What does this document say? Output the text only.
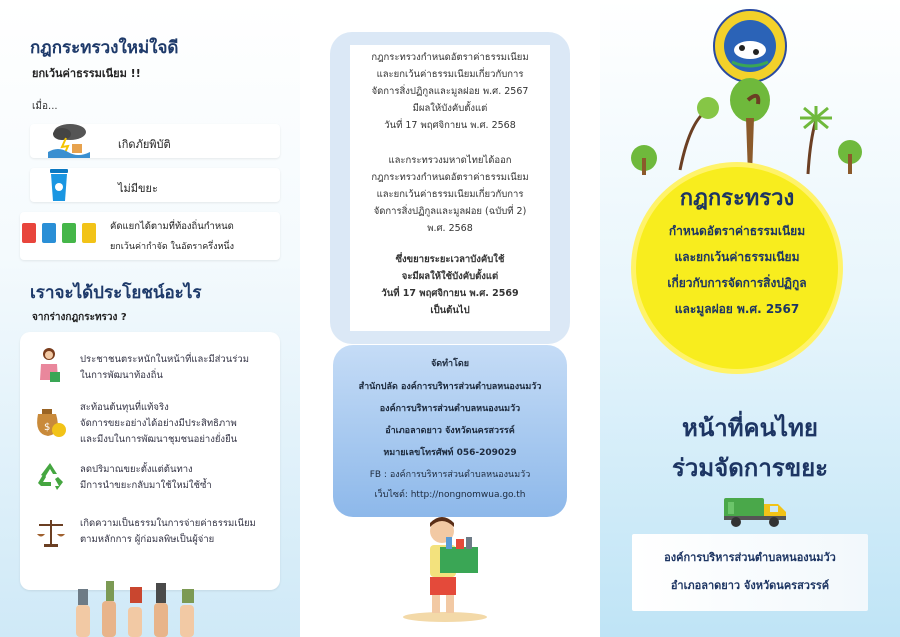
กฎกระทรวงใหม่ใจดี
ยกเว้นค่าธรรมเนียม !!
เมื่อ...
เกิดภัยพิบัติ
ไม่มีขยะ
คัดแยกได้ตามที่ท้องถิ่นกำหนด
ยกเว้นค่ากำจัด ในอัตราครึ่งหนึ่ง
เราจะได้ประโยชน์อะไร
จากร่างกฎกระทรวง ?
ประชาชนตระหนักในหน้าที่และมีส่วนร่วม
ในการพัฒนาท้องถิ่น
$
สะท้อนต้นทุนที่แท้จริง
จัดการขยะอย่างได้อย่างมีประสิทธิภาพ
และมีงบในการพัฒนาชุมชนอย่างยั่งยืน
ลดปริมาณขยะตั้งแต่ต้นทาง
มีการนำขยะกลับมาใช้ใหม่ใช้ซ้ำ
เกิดความเป็นธรรมในการจ่ายค่าธรรมเนียม
ตามหลักการ ผู้ก่อมลพิษเป็นผู้จ่าย
กฎกระทรวงกำหนดอัตราค่าธรรมเนียม
และยกเว้นค่าธรรมเนียมเกี่ยวกับการ
จัดการสิ่งปฏิกูลและมูลฝอย พ.ศ. 2567
มีผลให้บังคับตั้งแต่
วันที่ 17 พฤศจิกายน พ.ศ. 2568
และกระทรวงมหาดไทยได้ออก
กฎกระทรวงกำหนดอัตราค่าธรรมเนียม
และยกเว้นค่าธรรมเนียมเกี่ยวกับการ
จัดการสิ่งปฏิกูลและมูลฝอย (ฉบับที่ 2)
พ.ศ. 2568
ซึ่งขยายระยะเวลาบังคับใช้
จะมีผลให้ใช้บังคับตั้งแต่
วันที่ 17 พฤศจิกายน พ.ศ. 2569
เป็นต้นไป
จัดทำโดย
สำนักปลัด องค์การบริหารส่วนตำบลหนองนมวัว
องค์การบริหารส่วนตำบลหนองนมวัว
อำเภอลาดยาว จังหวัดนครสวรรค์
หมายเลขโทรศัพท์ 056-209029
FB : องค์การบริหารส่วนตำบลหนองนมวัว
เว็บไซต์: http://nongnomwua.go.th
กฎกระทรวง
กำหนดอัตราค่าธรรมเนียม
และยกเว้นค่าธรรมเนียม
เกี่ยวกับการจัดการสิ่งปฏิกูล
และมูลฝอย พ.ศ. 2567
หน้าที่คนไทย
ร่วมจัดการขยะ
องค์การบริหารส่วนตำบลหนองนมวัว
อำเภอลาดยาว จังหวัดนครสวรรค์
